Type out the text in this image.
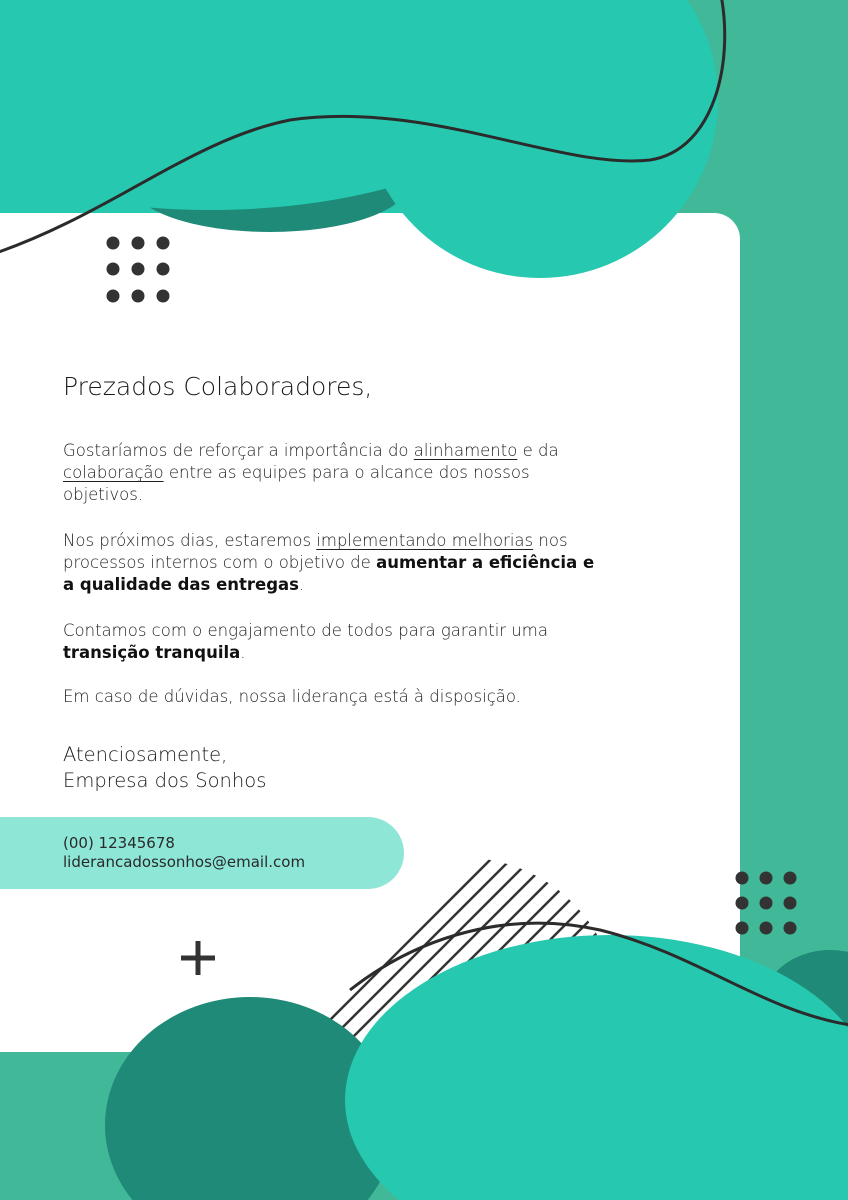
Prezados Colaboradores,

Gostaríamos de reforçar a importância do alinhamento e da colaboração entre as equipes para o alcance dos nossos objetivos.

Nos próximos dias, estaremos implementando melhorias nos processos internos com o objetivo de aumentar a eficiência e a qualidade das entregas.

Contamos com o engajamento de todos para garantir uma transição tranquila.

Em caso de dúvidas, nossa liderança está à disposição.

Atenciosamente,
Empresa dos Sonhos
(00) 12345678
liderancadossonhos@email.com
